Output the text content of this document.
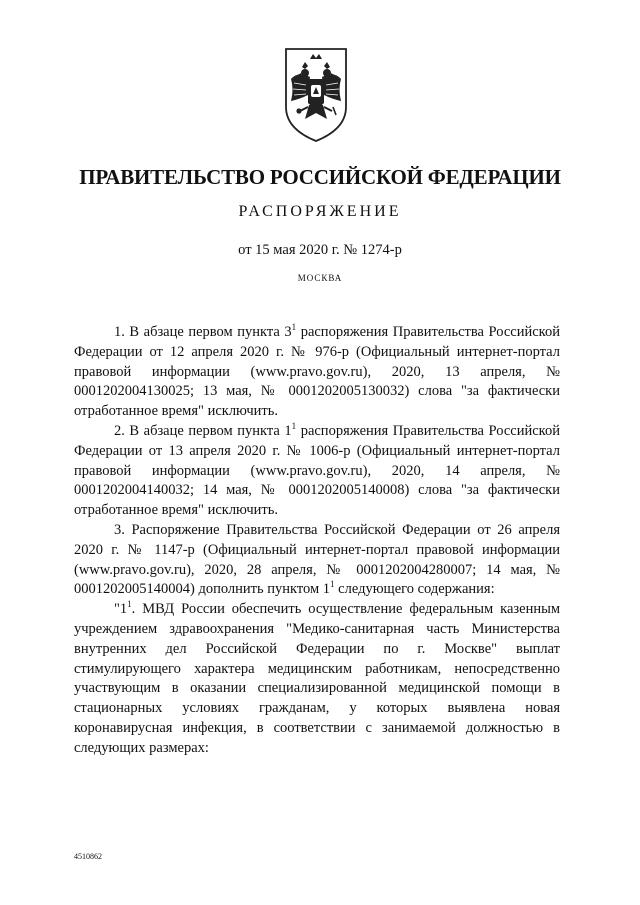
ПРАВИТЕЛЬСТВО РОССИЙСКОЙ ФЕДЕРАЦИИ
РАСПОРЯЖЕНИЕ
от 15 мая 2020 г. № 1274-р
МОСКВА

1. В абзаце первом пункта $3^1$ распоряжения Правительства Российской Федерации от 12 апреля 2020 г. № 976-р (Официальный интернет-портал правовой информации (www.pravo.gov.ru), 2020, 13 апреля, № 0001202004130025; 13 мая, № 0001202005130032) слова "за фактически отработанное время" исключить.

2. В абзаце первом пункта $1^1$ распоряжения Правительства Российской Федерации от 13 апреля 2020 г. № 1006-р (Официальный интернет-портал правовой информации (www.pravo.gov.ru), 2020, 14 апреля, № 0001202004140032; 14 мая, № 0001202005140008) слова "за фактически отработанное время" исключить.

3. Распоряжение Правительства Российской Федерации от 26 апреля 2020 г. № 1147-р (Официальный интернет-портал правовой информации (www.pravo.gov.ru), 2020, 28 апреля, № 0001202004280007; 14 мая, № 0001202005140004) дополнить пунктом $1^1$ следующего содержания:

"$1^1$. МВД России обеспечить осуществление федеральным казенным учреждением здравоохранения "Медико-санитарная часть Министерства внутренних дел Российской Федерации по г. Москве" выплат стимулирующего характера медицинским работникам, непосредственно участвующим в оказании специализированной медицинской помощи в стационарных условиях гражданам, у которых выявлена новая коронавирусная инфекция, в соответствии с занимаемой должностью в следующих размерах:

4510862
